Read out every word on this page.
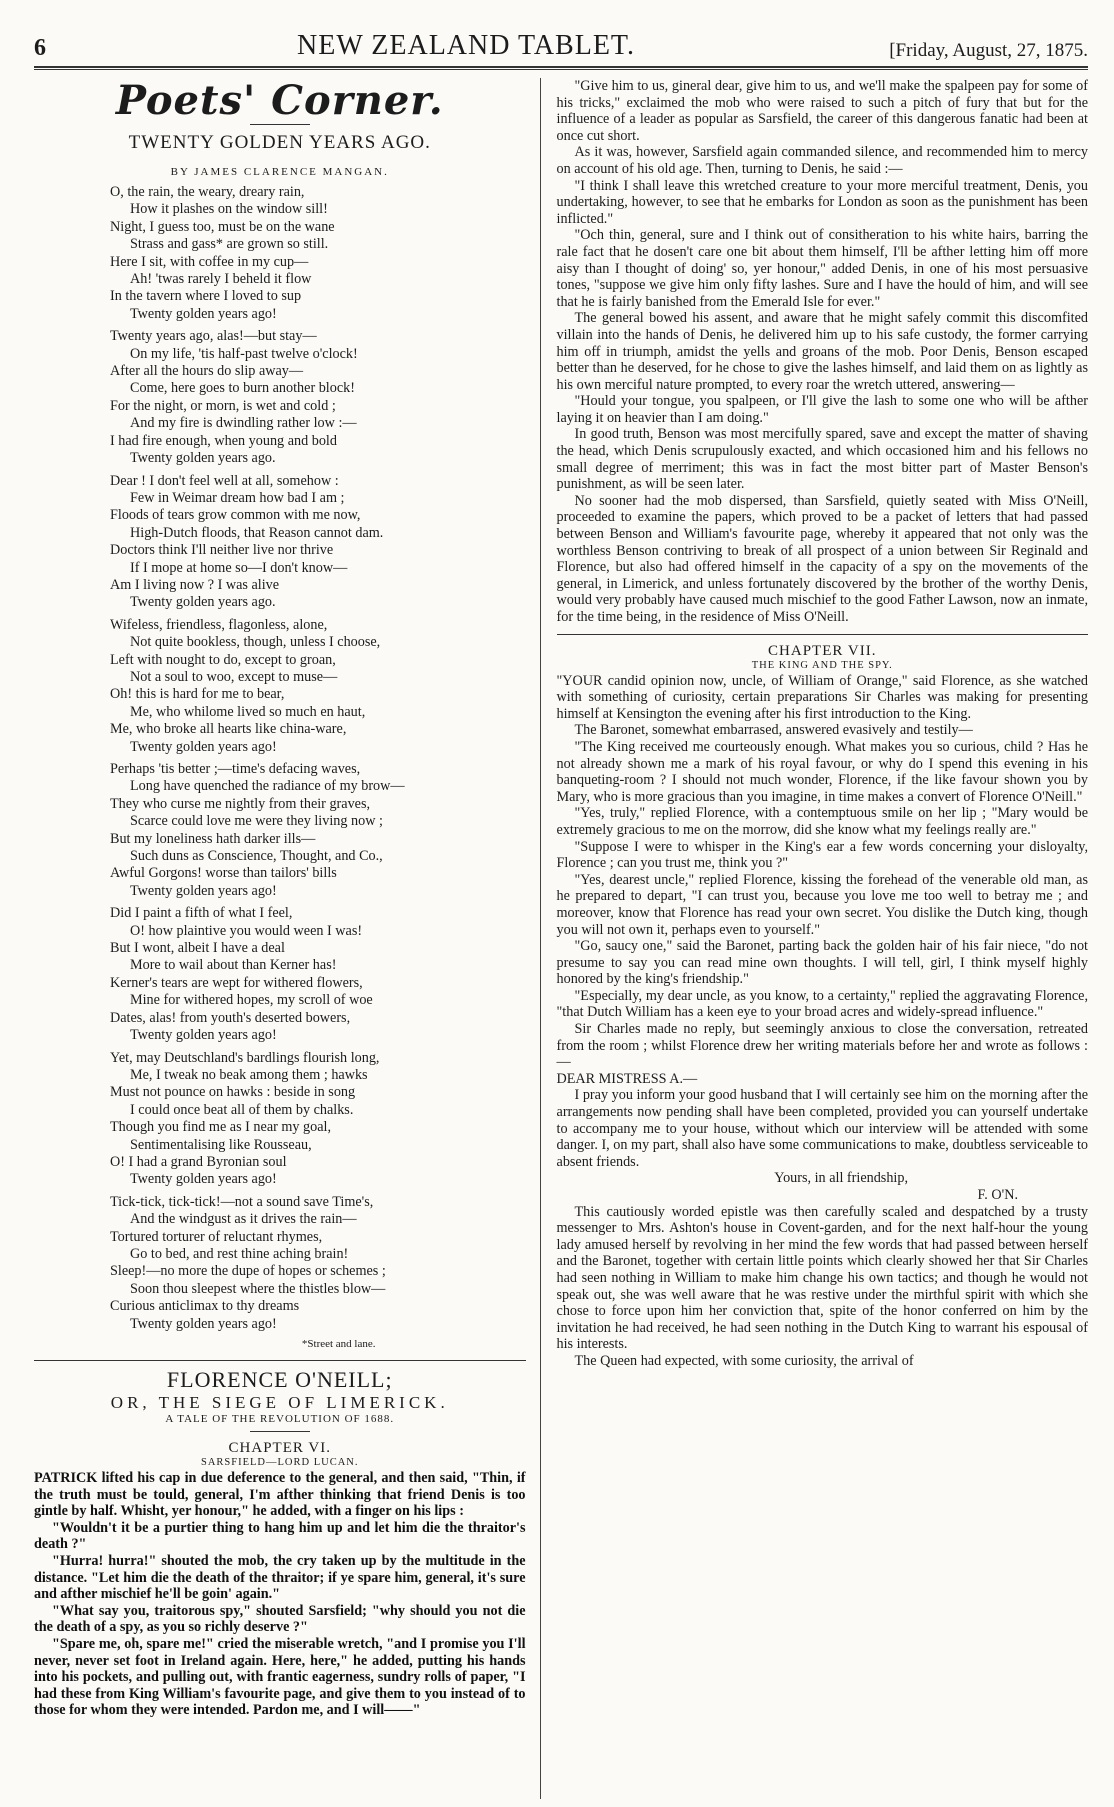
6	NEW ZEALAND TABLET.	[Friday, August, 27, 1875.
Poets' Corner.
TWENTY GOLDEN YEARS AGO.
BY JAMES CLARENCE MANGAN.
O, the rain, the weary, dreary rain,
How it plashes on the window sill!
Night, I guess too, must be on the wane
Strass and gass* are grown so still.
Here I sit, with coffee in my cup—
Ah! 'twas rarely I beheld it flow
In the tavern where I loved to sup
Twenty golden years ago!
Twenty years ago, alas!—but stay—
On my life, 'tis half-past twelve o'clock!
After all the hours do slip away—
Come, here goes to burn another block!
For the night, or morn, is wet and cold ;
And my fire is dwindling rather low :—
I had fire enough, when young and bold
Twenty golden years ago.
Dear ! I don't feel well at all, somehow :
Few in Weimar dream how bad I am ;
Floods of tears grow common with me now,
High-Dutch floods, that Reason cannot dam.
Doctors think I'll neither live nor thrive
If I mope at home so—I don't know—
Am I living now ? I was alive
Twenty golden years ago.
Wifeless, friendless, flagonless, alone,
Not quite bookless, though, unless I choose,
Left with nought to do, except to groan,
Not a soul to woo, except to muse—
Oh! this is hard for me to bear,
Me, who whilome lived so much en haut,
Me, who broke all hearts like china-ware,
Twenty golden years ago!
Perhaps 'tis better ;—time's defacing waves,
Long have quenched the radiance of my brow—
They who curse me nightly from their graves,
Scarce could love me were they living now ;
But my loneliness hath darker ills—
Such duns as Conscience, Thought, and Co.,
Awful Gorgons! worse than tailors' bills
Twenty golden years ago!
Did I paint a fifth of what I feel,
O! how plaintive you would ween I was!
But I wont, albeit I have a deal
More to wail about than Kerner has!
Kerner's tears are wept for withered flowers,
Mine for withered hopes, my scroll of woe
Dates, alas! from youth's deserted bowers,
Twenty golden years ago!
Yet, may Deutschland's bardlings flourish long,
Me, I tweak no beak among them ; hawks
Must not pounce on hawks : beside in song
I could once beat all of them by chalks.
Though you find me as I near my goal,
Sentimentalising like Rousseau,
O! I had a grand Byronian soul
Twenty golden years ago!
Tick-tick, tick-tick!—not a sound save Time's,
And the windgust as it drives the rain—
Tortured torturer of reluctant rhymes,
Go to bed, and rest thine aching brain!
Sleep!—no more the dupe of hopes or schemes ;
Soon thou sleepest where the thistles blow—
Curious anticlimax to thy dreams
Twenty golden years ago!
*Street and lane.
FLORENCE O'NEILL;
OR, THE SIEGE OF LIMERICK.
A TALE OF THE REVOLUTION OF 1688.
CHAPTER VI.
SARSFIELD—LORD LUCAN.

PATRICK lifted his cap in due deference to the general, and then said, "Thin, if the truth must be tould, general, I'm afther thinking that friend Denis is too gintle by half. Whisht, yer honour," he added, with a finger on his lips :

"Wouldn't it be a purtier thing to hang him up and let him die the thraitor's death ?"

"Hurra! hurra!" shouted the mob, the cry taken up by the multitude in the distance. "Let him die the death of the thraitor; if ye spare him, general, it's sure and afther mischief he'll be goin' again."

"What say you, traitorous spy," shouted Sarsfield; "why should you not die the death of a spy, as you so richly deserve ?"

"Spare me, oh, spare me!" cried the miserable wretch, "and I promise you I'll never, never set foot in Ireland again. Here, here," he added, putting his hands into his pockets, and pulling out, with frantic eagerness, sundry rolls of paper, "I had these from King William's favourite page, and give them to you instead of to those for whom they were intended. Pardon me, and I will——"

"Give him to us, gineral dear, give him to us, and we'll make the spalpeen pay for some of his tricks," exclaimed the mob who were raised to such a pitch of fury that but for the influence of a leader as popular as Sarsfield, the career of this dangerous fanatic had been at once cut short.

As it was, however, Sarsfield again commanded silence, and recommended him to mercy on account of his old age. Then, turning to Denis, he said :—

"I think I shall leave this wretched creature to your more merciful treatment, Denis, you undertaking, however, to see that he embarks for London as soon as the punishment has been inflicted."

"Och thin, general, sure and I think out of consitheration to his white hairs, barring the rale fact that he dosen't care one bit about them himself, I'll be afther letting him off more aisy than I thought of doing' so, yer honour," added Denis, in one of his most persuasive tones, "suppose we give him only fifty lashes. Sure and I have the hould of him, and will see that he is fairly banished from the Emerald Isle for ever."

The general bowed his assent, and aware that he might safely commit this discomfited villain into the hands of Denis, he delivered him up to his safe custody, the former carrying him off in triumph, amidst the yells and groans of the mob. Poor Denis, Benson escaped better than he deserved, for he chose to give the lashes himself, and laid them on as lightly as his own merciful nature prompted, to every roar the wretch uttered, answering—

"Hould your tongue, you spalpeen, or I'll give the lash to some one who will be afther laying it on heavier than I am doing."

In good truth, Benson was most mercifully spared, save and except the matter of shaving the head, which Denis scrupulously exacted, and which occasioned him and his fellows no small degree of merriment; this was in fact the most bitter part of Master Benson's punishment, as will be seen later.

No sooner had the mob dispersed, than Sarsfield, quietly seated with Miss O'Neill, proceeded to examine the papers, which proved to be a packet of letters that had passed between Benson and William's favourite page, whereby it appeared that not only was the worthless Benson contriving to break of all prospect of a union between Sir Reginald and Florence, but also had offered himself in the capacity of a spy on the movements of the general, in Limerick, and unless fortunately discovered by the brother of the worthy Denis, would very probably have caused much mischief to the good Father Lawson, now an inmate, for the time being, in the residence of Miss O'Neill.

CHAPTER VII.
THE KING AND THE SPY.

"YOUR candid opinion now, uncle, of William of Orange," said Florence, as she watched with something of curiosity, certain preparations Sir Charles was making for presenting himself at Kensington the evening after his first introduction to the King.

The Baronet, somewhat embarrased, answered evasively and testily—

"The King received me courteously enough. What makes you so curious, child ? Has he not already shown me a mark of his royal favour, or why do I spend this evening in his banqueting-room ? I should not much wonder, Florence, if the like favour shown you by Mary, who is more gracious than you imagine, in time makes a convert of Florence O'Neill."

"Yes, truly," replied Florence, with a contemptuous smile on her lip ; "Mary would be extremely gracious to me on the morrow, did she know what my feelings really are."

"Suppose I were to whisper in the King's ear a few words concerning your disloyalty, Florence ; can you trust me, think you ?"

"Yes, dearest uncle," replied Florence, kissing the forehead of the venerable old man, as he prepared to depart, "I can trust you, because you love me too well to betray me ; and moreover, know that Florence has read your own secret. You dislike the Dutch king, though you will not own it, perhaps even to yourself."

"Go, saucy one," said the Baronet, parting back the golden hair of his fair niece, "do not presume to say you can read mine own thoughts. I will tell, girl, I think myself highly honored by the king's friendship."

"Especially, my dear uncle, as you know, to a certainty," replied the aggravating Florence, "that Dutch William has a keen eye to your broad acres and widely-spread influence."

Sir Charles made no reply, but seemingly anxious to close the conversation, retreated from the room ; whilst Florence drew her writing materials before her and wrote as follows :—

DEAR MISTRESS A.—

I pray you inform your good husband that I will certainly see him on the morning after the arrangements now pending shall have been completed, provided you can yourself undertake to accompany me to your house, without which our interview will be attended with some danger. I, on my part, shall also have some communications to make, doubtless serviceable to absent friends.

Yours, in all friendship,

F. O'N.

This cautiously worded epistle was then carefully scaled and despatched by a trusty messenger to Mrs. Ashton's house in Covent-garden, and for the next half-hour the young lady amused herself by revolving in her mind the few words that had passed between herself and the Baronet, together with certain little points which clearly showed her that Sir Charles had seen nothing in William to make him change his own tactics; and though he would not speak out, she was well aware that he was restive under the mirthful spirit with which she chose to force upon him her conviction that, spite of the honor conferred on him by the invitation he had received, he had seen nothing in the Dutch King to warrant his espousal of his interests.

The Queen had expected, with some curiosity, the arrival of
